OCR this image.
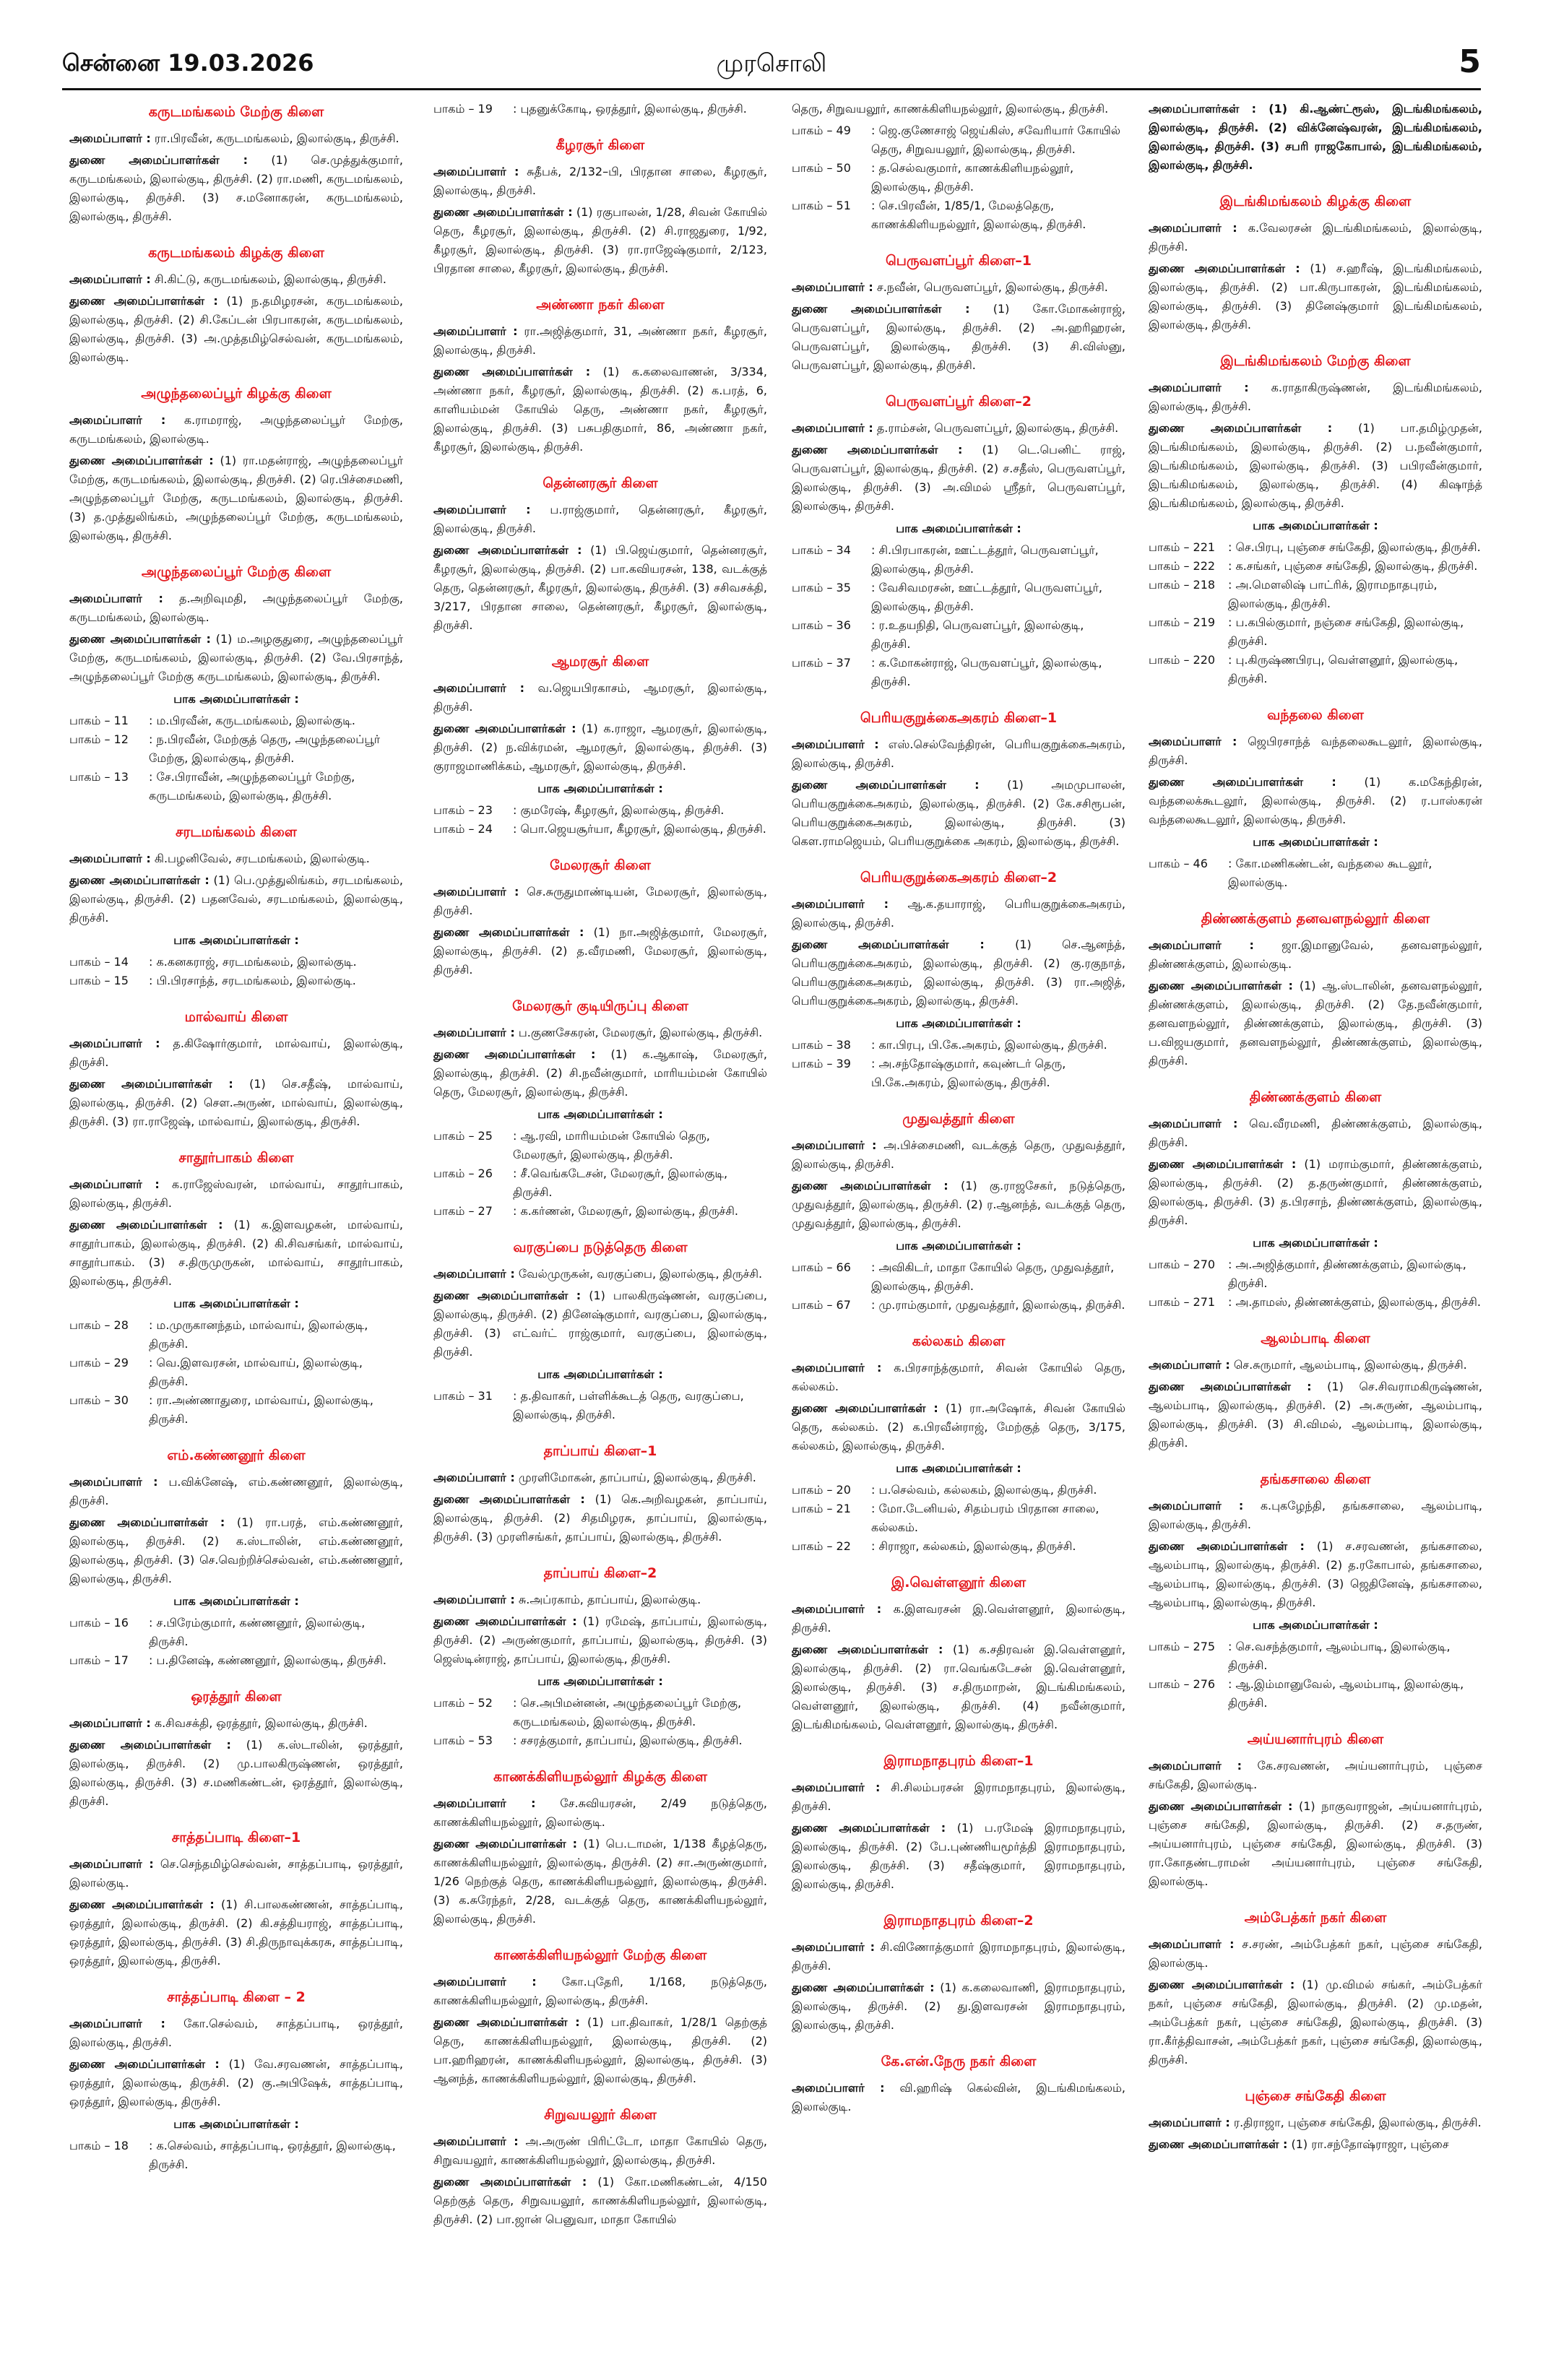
சென்னை 19.03.2026	முரசொலி	5
கருடமங்கலம் மேற்கு கிளை

அமைப்பாளர் : ரா.பிரவீன், கருடமங்கலம், இலால்குடி, திருச்சி.

துணை அமைப்பாளர்கள் : (1) செ.முத்துக்குமார், கருடமங்கலம், இலால்குடி, திருச்சி. (2) ரா.மணி, கருடமங்கலம், இலால்குடி, திருச்சி. (3) ச.மனோகரன், கருடமங்கலம், இலால்குடி, திருச்சி.

கருடமங்கலம் கிழக்கு கிளை

அமைப்பாளர் : சி.கிட்டு, கருடமங்கலம், இலால்குடி, திருச்சி.

துணை அமைப்பாளர்கள் : (1) ந.தமிழரசன், கருடமங்கலம், இலால்குடி, திருச்சி. (2) சி.கேப்டன் பிரபாகரன், கருடமங்கலம், இலால்குடி, திருச்சி. (3) அ.முத்தமிழ்செல்வன், கருடமங்கலம், இலால்குடி.

அழுந்தலைப்பூர் கிழக்கு கிளை

அமைப்பாளர் : க.ராமராஜ், அழுந்தலைப்பூர் மேற்கு, கருடமங்கலம், இலால்குடி.

துணை அமைப்பாளர்கள் : (1) ரா.மதன்ராஜ், அழுந்தலைப்பூர் மேற்கு, கருடமங்கலம், இலால்குடி, திருச்சி. (2) ரெ.பிச்சைமணி, அழுந்தலைப்பூர் மேற்கு, கருடமங்கலம், இலால்குடி, திருச்சி. (3) த.முத்துலிங்கம், அழுந்தலைப்பூர் மேற்கு, கருடமங்கலம், இலால்குடி, திருச்சி.

அழுந்தலைப்பூர் மேற்கு கிளை

அமைப்பாளர் : த.அறிவுமதி, அழுந்தலைப்பூர் மேற்கு, கருடமங்கலம், இலால்குடி.

துணை அமைப்பாளர்கள் : (1) ம.அழகுதுரை, அழுந்தலைப்பூர் மேற்கு, கருடமங்கலம், இலால்குடி, திருச்சி. (2) வே.பிரசாந்த், அழுந்தலைப்பூர் மேற்கு கருடமங்கலம், இலால்குடி, திருச்சி.

பாக அமைப்பாளர்கள் :
பாகம் – 11	: ம.பிரவீன், கருடமங்கலம், இலால்குடி.
பாகம் – 12	: ந.பிரவீன், மேற்குத் தெரு, அழுந்தலைப்பூர் மேற்கு, இலால்குடி, திருச்சி.
பாகம் – 13	: சே.பிராவீன், அழுந்தலைப்பூர் மேற்கு, கருடமங்கலம், இலால்குடி, திருச்சி.
சரடமங்கலம் கிளை

அமைப்பாளர் : கி.பழனிவேல், சரடமங்கலம், இலால்குடி.

துணை அமைப்பாளர்கள் : (1) பெ.முத்துலிங்கம், சரடமங்கலம், இலால்குடி, திருச்சி. (2) பதனவேல், சரடமங்கலம், இலால்குடி, திருச்சி.

பாக அமைப்பாளர்கள் :
பாகம் – 14	: க.கனகராஜ், சரடமங்கலம், இலால்குடி.
பாகம் – 15	: பி.பிரசாந்த், சரடமங்கலம், இலால்குடி.
மால்வாய் கிளை

அமைப்பாளர் : த.கிஷோர்குமார், மால்வாய், இலால்குடி, திருச்சி.

துணை அமைப்பாளர்கள் : (1) செ.சதீஷ், மால்வாய், இலால்குடி, திருச்சி. (2) சௌ.அருண், மால்வாய், இலால்குடி, திருச்சி. (3) ரா.ராஜேஷ், மால்வாய், இலால்குடி, திருச்சி.

சாதூர்பாகம் கிளை

அமைப்பாளர் : க.ராஜேஸ்வரன், மால்வாய், சாதூர்பாகம், இலால்குடி, திருச்சி.

துணை அமைப்பாளர்கள் : (1) க.இளவழகன், மால்வாய், சாதூர்பாகம், இலால்குடி, திருச்சி. (2) கி.சிவசங்கர், மால்வாய், சாதூர்பாகம். (3) ச.திருமுருகன், மால்வாய், சாதூர்பாகம், இலால்குடி, திருச்சி.

பாக அமைப்பாளர்கள் :
பாகம் – 28	: ம.முருகானந்தம், மால்வாய், இலால்குடி, திருச்சி.
பாகம் – 29	: வெ.இளவரசன், மால்வாய், இலால்குடி, திருச்சி.
பாகம் – 30	: ரா.அண்ணாதுரை, மால்வாய், இலால்குடி, திருச்சி.
எம்.கண்ணனூர் கிளை

அமைப்பாளர் : ப.விக்னேஷ், எம்.கண்ணனூர், இலால்குடி, திருச்சி.

துணை அமைப்பாளர்கள் : (1) ரா.பரத், எம்.கண்ணனூர், இலால்குடி, திருச்சி. (2) க.ஸ்டாலின், எம்.கண்ணனூர், இலால்குடி, திருச்சி. (3) செ.வெற்றிச்செல்வன், எம்.கண்ணனூர், இலால்குடி, திருச்சி.

பாக அமைப்பாளர்கள் :
பாகம் – 16	: ச.பிரேம்குமார், கண்ணனூர், இலால்குடி, திருச்சி.
பாகம் – 17	: ப.தினேஷ், கண்ணனூர், இலால்குடி, திருச்சி.
ஒரத்தூர் கிளை

அமைப்பாளர் : க.சிவசக்தி, ஒரத்தூர், இலால்குடி, திருச்சி.

துணை அமைப்பாளர்கள் : (1) க.ஸ்டாலின், ஒரத்தூர், இலால்குடி, திருச்சி. (2) மு.பாலகிருஷ்ணன், ஒரத்தூர், இலால்குடி, திருச்சி. (3) ச.மணிகண்டன், ஒரத்தூர், இலால்குடி, திருச்சி.

சாத்தப்பாடி கிளை–1

அமைப்பாளர் : செ.செந்தமிழ்செல்வன், சாத்தப்பாடி, ஒரத்தூர், இலால்குடி.

துணை அமைப்பாளர்கள் : (1) சி.பாலகண்ணன், சாத்தப்பாடி, ஒரத்தூர், இலால்குடி, திருச்சி. (2) கி.சத்தியராஜ், சாத்தப்பாடி, ஒரத்தூர், இலால்குடி, திருச்சி. (3) சி.திருநாவுக்கரசு, சாத்தப்பாடி, ஒரத்தூர், இலால்குடி, திருச்சி.

சாத்தப்பாடி கிளை – 2

அமைப்பாளர் : கோ.செல்வம், சாத்தப்பாடி, ஒரத்தூர், இலால்குடி, திருச்சி.

துணை அமைப்பாளர்கள் : (1) வே.சரவணன், சாத்தப்பாடி, ஒரத்தூர், இலால்குடி, திருச்சி. (2) கு.அபிஷேக், சாத்தப்பாடி, ஒரத்தூர், இலால்குடி, திருச்சி.

பாக அமைப்பாளர்கள் :
பாகம் – 18	: க.செல்வம், சாத்தப்பாடி, ஒரத்தூர், இலால்குடி, திருச்சி.
பாகம் – 19	: புதனுக்கோடி, ஒரத்தூர், இலால்குடி, திருச்சி.
கீழரசூர் கிளை

அமைப்பாளர் : சுதீபக், 2/132–பி, பிரதான சாலை, கீழரசூர், இலால்குடி, திருச்சி.

துணை அமைப்பாளர்கள் : (1) ரகுபாலன், 1/28, சிவன் கோயில் தெரு, கீழரசூர், இலால்குடி, திருச்சி. (2) சி.ராஜதுரை, 1/92, கீழரசூர், இலால்குடி, திருச்சி. (3) ரா.ராஜேஷ்குமார், 2/123, பிரதான சாலை, கீழரசூர், இலால்குடி, திருச்சி.

அண்ணா நகர் கிளை

அமைப்பாளர் : ரா.அஜித்குமார், 31, அண்ணா நகர், கீழரசூர், இலால்குடி, திருச்சி.

துணை அமைப்பாளர்கள் : (1) க.கலைவாணன், 3/334, அண்ணா நகர், கீழரசூர், இலால்குடி, திருச்சி. (2) க.பரத், 6, காளியம்மன் கோயில் தெரு, அண்ணா நகர், கீழரசூர், இலால்குடி, திருச்சி. (3) பசுபதிகுமார், 86, அண்ணா நகர், கீழரசூர், இலால்குடி, திருச்சி.

தென்னரசூர் கிளை

அமைப்பாளர் : ப.ராஜ்குமார், தென்னரசூர், கீழரசூர், இலால்குடி, திருச்சி.

துணை அமைப்பாளர்கள் : (1) பி.ஜெய்குமார், தென்னரசூர், கீழரசூர், இலால்குடி, திருச்சி. (2) பா.கவியரசன், 138, வடக்குத் தெரு, தென்னரசூர், கீழரசூர், இலால்குடி, திருச்சி. (3) சசிவசக்தி, 3/217, பிரதான சாலை, தென்னரசூர், கீழரசூர், இலால்குடி, திருச்சி.

ஆமரசூர் கிளை

அமைப்பாளர் : வ.ஜெயபிரகாசம், ஆமரசூர், இலால்குடி, திருச்சி.

துணை அமைப்பாளர்கள் : (1) க.ராஜா, ஆமரசூர், இலால்குடி, திருச்சி. (2) ந.விக்ரமன், ஆமரசூர், இலால்குடி, திருச்சி. (3) குராஜமாணிக்கம், ஆமரசூர், இலால்குடி, திருச்சி.

பாக அமைப்பாளர்கள் :
பாகம் – 23	: குமரேஷ், கீழரசூர், இலால்குடி, திருச்சி.
பாகம் – 24	: பொ.ஜெயசூர்யா, கீழரசூர், இலால்குடி, திருச்சி.
மேலரசூர் கிளை

அமைப்பாளர் : செ.சுருதுமாண்டியன், மேலரசூர், இலால்குடி, திருச்சி.

துணை அமைப்பாளர்கள் : (1) நா.அஜித்குமார், மேலரசூர், இலால்குடி, திருச்சி. (2) த.வீரமணி, மேலரசூர், இலால்குடி, திருச்சி.

மேலரசூர் குடியிருப்பு கிளை

அமைப்பாளர் : ப.குணசேகரன், மேலரசூர், இலால்குடி, திருச்சி.

துணை அமைப்பாளர்கள் : (1) க.ஆகாஷ், மேலரசூர், இலால்குடி, திருச்சி. (2) சி.நவீன்குமார், மாரியம்மன் கோயில் தெரு, மேலரசூர், இலால்குடி, திருச்சி.

பாக அமைப்பாளர்கள் :
பாகம் – 25	: ஆ.ரவி, மாரியம்மன் கோயில் தெரு, மேலரசூர், இலால்குடி, திருச்சி.
பாகம் – 26	: சீ.வெங்கடேசன், மேலரசூர், இலால்குடி, திருச்சி.
பாகம் – 27	: க.கர்ணன், மேலரசூர், இலால்குடி, திருச்சி.
வரகுப்பை நடுத்தெரு கிளை

அமைப்பாளர் : வேல்முருகன், வரகுப்பை, இலால்குடி, திருச்சி.

துணை அமைப்பாளர்கள் : (1) பாலகிருஷ்ணன், வரகுப்பை, இலால்குடி, திருச்சி. (2) தினேஷ்குமார், வரகுப்பை, இலால்குடி, திருச்சி. (3) எட்வர்ட் ராஜ்குமார், வரகுப்பை, இலால்குடி, திருச்சி.

பாக அமைப்பாளர்கள் :
பாகம் – 31	: த.திவாகர், பள்ளிக்கூடத் தெரு, வரகுப்பை, இலால்குடி, திருச்சி.
தாப்பாய் கிளை–1

அமைப்பாளர் : முரளிமோகன், தாப்பாய், இலால்குடி, திருச்சி.

துணை அமைப்பாளர்கள் : (1) கெ.அறிவழகன், தாப்பாய், இலால்குடி, திருச்சி. (2) சிதமிழரசு, தாப்பாய், இலால்குடி, திருச்சி. (3) முரளிசங்கர், தாப்பாய், இலால்குடி, திருச்சி.

தாப்பாய் கிளை–2

அமைப்பாளர் : சு.அப்ரகாம், தாப்பாய், இலால்குடி.

துணை அமைப்பாளர்கள் : (1) ரமேஷ், தாப்பாய், இலால்குடி, திருச்சி. (2) அருண்குமார், தாப்பாய், இலால்குடி, திருச்சி. (3) ஜெஸ்டின்ராஜ், தாப்பாய், இலால்குடி, திருச்சி.

பாக அமைப்பாளர்கள் :
பாகம் – 52	: செ.அபிமன்னன், அழுந்தலைப்பூர் மேற்கு, கருடமங்கலம், இலால்குடி, திருச்சி.
பாகம் – 53	: சசரத்குமார், தாப்பாய், இலால்குடி, திருச்சி.
காணக்கிளியநல்லூர் கிழக்கு கிளை

அமைப்பாளர் : சே.சுவியரசன், 2/49 நடுத்தெரு, காணக்கிளியநல்லூர், இலால்குடி.

துணை அமைப்பாளர்கள் : (1) பெ.டாமன், 1/138 கீழத்தெரு, காணக்கிளியநல்லூர், இலால்குடி, திருச்சி. (2) சா.அருண்குமார், 1/26 நெற்குத் தெரு, காணக்கிளியநல்லூர், இலால்குடி, திருச்சி. (3) க.சுரேந்தர், 2/28, வடக்குத் தெரு, காணக்கிளியநல்லூர், இலால்குடி, திருச்சி.

காணக்கிளியநல்லூர் மேற்கு கிளை

அமைப்பாளர் : கோ.புதேரி, 1/168, நடுத்தெரு, காணக்கிளியநல்லூர், இலால்குடி, திருச்சி.

துணை அமைப்பாளர்கள் : (1) பா.திவாகர், 1/28/1 தெற்குத் தெரு, காணக்கிளியநல்லூர், இலால்குடி, திருச்சி. (2) பா.ஹரிஹரன், காணக்கிளியநல்லூர், இலால்குடி, திருச்சி. (3) ஆனந்த், காணக்கிளியநல்லூர், இலால்குடி, திருச்சி.

சிறுவயலூர் கிளை

அமைப்பாளர் : அ.அருண் பிரிட்டோ, மாதா கோயில் தெரு, சிறுவயலூர், காணக்கிளியநல்லூர், இலால்குடி, திருச்சி.

துணை அமைப்பாளர்கள் : (1) கோ.மணிகண்டன், 4/150 தெற்குத் தெரு, சிறுவயலூர், காணக்கிளியநல்லூர், இலால்குடி, திருச்சி. (2) பா.ஜான் பெனுவா, மாதா கோயில்

தெரு, சிறுவயலூர், காணக்கிளியநல்லூர், இலால்குடி, திருச்சி.

பாகம் – 49	: ஜெ.குணேசாஜ் ஜெய்கிஸ், சவேரியார் கோயில் தெரு, சிறுவயலூர், இலால்குடி, திருச்சி.
பாகம் – 50	: த.செல்வகுமார், காணக்கிளியநல்லூர், இலால்குடி, திருச்சி.
பாகம் – 51	: செ.பிரவீன், 1/85/1, மேலத்தெரு, காணக்கிளியநல்லூர், இலால்குடி, திருச்சி.
பெருவளப்பூர் கிளை–1

அமைப்பாளர் : ச.நவீன், பெருவளப்பூர், இலால்குடி, திருச்சி.

துணை அமைப்பாளர்கள் : (1) கோ.மோகன்ராஜ், பெருவளப்பூர், இலால்குடி, திருச்சி. (2) அ.ஹரிஹரன், பெருவளப்பூர், இலால்குடி, திருச்சி. (3) சி.விஸ்னு, பெருவளப்பூர், இலால்குடி, திருச்சி.

பெருவளப்பூர் கிளை–2

அமைப்பாளர் : த.ராம்சன், பெருவளப்பூர், இலால்குடி, திருச்சி.

துணை அமைப்பாளர்கள் : (1) டெ.பெனிட் ராஜ், பெருவளப்பூர், இலால்குடி, திருச்சி. (2) ச.சதீஸ், பெருவளப்பூர், இலால்குடி, திருச்சி. (3) அ.விமல் ஸ்ரீதர், பெருவளப்பூர், இலால்குடி, திருச்சி.

பாக அமைப்பாளர்கள் :
பாகம் – 34	: சி.பிரபாகரன், ஊட்டத்தூர், பெருவளப்பூர், இலால்குடி, திருச்சி.
பாகம் – 35	: வேசிவமரசன், ஊட்டத்தூர், பெருவளப்பூர், இலால்குடி, திருச்சி.
பாகம் – 36	: ர.உதயநிதி, பெருவளப்பூர், இலால்குடி, திருச்சி.
பாகம் – 37	: க.மோகன்ராஜ், பெருவளப்பூர், இலால்குடி, திருச்சி.
பெரியகுறுக்கைஅகரம் கிளை–1

அமைப்பாளர் : எஸ்.செல்வேந்திரன், பெரியகுறுக்கைஅகரம், இலால்குடி, திருச்சி.

துணை அமைப்பாளர்கள் : (1) அமமுபாலன், பெரியகுறுக்கைஅகரம், இலால்குடி, திருச்சி. (2) கே.சசிரூபன், பெரியகுறுக்கைஅகரம், இலால்குடி, திருச்சி. (3) கௌ.ராமஜெயம், பெரியகுறுக்கை அகரம், இலால்குடி, திருச்சி.

பெரியகுறுக்கைஅகரம் கிளை–2

அமைப்பாளர் : ஆ.க.தயாராஜ், பெரியகுறுக்கைஅகரம், இலால்குடி, திருச்சி.

துணை அமைப்பாளர்கள் :	(1) செ.ஆனந்த், பெரியகுறுக்கைஅகரம், இலால்குடி, திருச்சி. (2) கு.ரகுநாத், பெரியகுறுக்கைஅகரம், இலால்குடி, திருச்சி. (3) ரா.அஜித், பெரியகுறுக்கைஅகரம், இலால்குடி, திருச்சி.

பாக அமைப்பாளர்கள் :
பாகம் – 38	: கா.பிரபு, பி.கே.அகரம், இலால்குடி, திருச்சி.
பாகம் – 39	: அ.சந்தோஷ்குமார், கவுண்டர் தெரு, பி.கே.அகரம், இலால்குடி, திருச்சி.
முதுவத்தூர் கிளை

அமைப்பாளர் : அ.பிச்சைமணி, வடக்குத் தெரு, முதுவத்தூர், இலால்குடி, திருச்சி.

துணை அமைப்பாளர்கள் : (1) கு.ராஜசேகர், நடுத்தெரு, முதுவத்தூர், இலால்குடி, திருச்சி. (2) ர.ஆனந்த், வடக்குத் தெரு, முதுவத்தூர், இலால்குடி, திருச்சி.

பாக அமைப்பாளர்கள் :
பாகம் – 66	: அவிகிடர், மாதா கோயில் தெரு, முதுவத்தூர், இலால்குடி, திருச்சி.
பாகம் – 67	: மு.ராம்குமார், முதுவத்தூர், இலால்குடி, திருச்சி.
கல்லகம் கிளை

அமைப்பாளர் : க.பிரசாந்த்குமார், சிவன் கோயில் தெரு, கல்லகம்.

துணை அமைப்பாளர்கள் : (1) ரா.அஷோக், சிவன் கோயில் தெரு, கல்லகம். (2) க.பிரவீன்ராஜ், மேற்குத் தெரு, 3/175, கல்லகம், இலால்குடி, திருச்சி.

பாக அமைப்பாளர்கள் :
பாகம் – 20	: ப.செல்வம், கல்லகம், இலால்குடி, திருச்சி.
பாகம் – 21	: மோ.டேனியல், சிதம்பரம் பிரதான சாலை, கல்லகம்.
பாகம் – 22	: சிராஜா, கல்லகம், இலால்குடி, திருச்சி.
இ.வெள்ளனூர் கிளை

அமைப்பாளர் : க.இளவரசன் இ.வெள்ளனூர், இலால்குடி, திருச்சி.

துணை அமைப்பாளர்கள் : (1) க.சதிரவன் இ.வெள்ளனூர், இலால்குடி, திருச்சி. (2) ரா.வெங்கடேசன் இ.வெள்ளனூர், இலால்குடி, திருச்சி. (3) ச.திருமாறன், இடங்கிமங்கலம், வெள்ளனூர், இலால்குடி, திருச்சி. (4) நவீன்குமார், இடங்கிமங்கலம், வெள்ளனூர், இலால்குடி, திருச்சி.

இராமநாதபுரம் கிளை–1

அமைப்பாளர் : சி.சிலம்பரசன் இராமநாதபுரம், இலால்குடி, திருச்சி.

துணை அமைப்பாளர்கள் : (1) ப.ரமேஷ் இராமநாதபுரம், இலால்குடி, திருச்சி. (2) பே.புண்ணியமூர்த்தி இராமநாதபுரம், இலால்குடி, திருச்சி. (3) சதீஷ்குமார், இராமநாதபுரம், இலால்குடி, திருச்சி.

இராமநாதபுரம் கிளை–2

அமைப்பாளர் : சி.விணோத்குமார் இராமநாதபுரம், இலால்குடி, திருச்சி.

துணை அமைப்பாளர்கள் : (1) க.கலைவாணி, இராமநாதபுரம், இலால்குடி, திருச்சி. (2) து.இளவரசன் இராமநாதபுரம், இலால்குடி, திருச்சி.

கே.என்.நேரு நகர் கிளை

அமைப்பாளர் : வி.ஹரிஷ் கெல்வின், இடங்கிமங்கலம், இலால்குடி.

அமைப்பாளர்கள் : (1) கி.ஆண்ட்ரூஸ், இடங்கிமங்கலம், இலால்குடி, திருச்சி. (2) விக்னேஷ்வரன், இடங்கிமங்கலம், இலால்குடி, திருச்சி. (3) சபரி ராஜகோபால், இடங்கிமங்கலம், இலால்குடி, திருச்சி.

இடங்கிமங்கலம் கிழக்கு கிளை

அமைப்பாளர் : க.வேலரசன் இடங்கிமங்கலம், இலால்குடி, திருச்சி.

துணை அமைப்பாளர்கள் : (1) ச.ஹரீஷ், இடங்கிமங்கலம், இலால்குடி, திருச்சி. (2) பா.கிருபாகரன், இடங்கிமங்கலம், இலால்குடி, திருச்சி. (3) தினேஷ்குமார் இடங்கிமங்கலம், இலால்குடி, திருச்சி.

இடங்கிமங்கலம் மேற்கு கிளை

அமைப்பாளர் : க.ராதாகிருஷ்ணன், இடங்கிமங்கலம், இலால்குடி, திருச்சி.

துணை அமைப்பாளர்கள் : (1) பா.தமிழ்முதன், இடங்கிமங்கலம், இலால்குடி, திருச்சி. (2) ப.நவீன்குமார், இடங்கிமங்கலம், இலால்குடி, திருச்சி. (3) பபிரவீன்குமார், இடங்கிமங்கலம், இலால்குடி, திருச்சி. (4) கிஷாந்த் இடங்கிமங்கலம், இலால்குடி, திருச்சி.

பாக அமைப்பாளர்கள் :
பாகம் – 221	: செ.பிரபு, புஞ்சை சங்கேதி, இலால்குடி, திருச்சி.
பாகம் – 222	: க.சங்கர், புஞ்சை சங்கேதி, இலால்குடி, திருச்சி.
பாகம் – 218	: அ.மௌலிஷ் பாட்ரிக், இராமநாதபுரம், இலால்குடி, திருச்சி.
பாகம் – 219	: ப.கபில்குமார், நஞ்சை சங்கேதி, இலால்குடி, திருச்சி.
பாகம் – 220	: பு.கிருஷ்ணபிரபு, வெள்ளனூர், இலால்குடி, திருச்சி.
வந்தலை கிளை

அமைப்பாளர் : ஜெபிரசாந்த் வந்தலைகூடலூர், இலால்குடி, திருச்சி.

துணை அமைப்பாளர்கள் : (1) க.மகேந்திரன், வந்தலைக்கூடலூர், இலால்குடி, திருச்சி. (2) ர.பாஸ்கரன் வந்தலைகூடலூர், இலால்குடி, திருச்சி.

பாக அமைப்பாளர்கள் :
பாகம் – 46	: கோ.மணிகண்டன், வந்தலை கூடலூர், இலால்குடி.
திண்ணக்குளம் தனவளநல்லூர் கிளை

அமைப்பாளர் : ஜா.இமானுவேல், தனவளநல்லூர், திண்ணக்குளம், இலால்குடி.

துணை அமைப்பாளர்கள் : (1) ஆ.ஸ்டாலின், தனவளநல்லூர், திண்ணக்குளம், இலால்குடி, திருச்சி. (2) தே.நவீன்குமார், தனவளநல்லூர், திண்ணக்குளம், இலால்குடி, திருச்சி. (3) ப.விஜயகுமார், தனவளநல்லூர், திண்ணக்குளம், இலால்குடி, திருச்சி.

திண்ணக்குளம் கிளை

அமைப்பாளர் : வெ.வீரமணி, திண்ணக்குளம், இலால்குடி, திருச்சி.

துணை அமைப்பாளர்கள் : (1) மராம்குமார், திண்ணக்குளம், இலால்குடி, திருச்சி. (2) த.தருண்குமார், திண்ணக்குளம், இலால்குடி, திருச்சி. (3) த.பிரசாந், திண்ணக்குளம், இலால்குடி, திருச்சி.

பாக அமைப்பாளர்கள் :
பாகம் – 270	: அ.அஜித்குமார், திண்ணக்குளம், இலால்குடி, திருச்சி.
பாகம் – 271	: அ.தாமஸ், திண்ணக்குளம், இலால்குடி, திருச்சி.
ஆலம்பாடி கிளை

அமைப்பாளர் : செ.சுருமார், ஆலம்பாடி, இலால்குடி, திருச்சி.

துணை அமைப்பாளர்கள் : (1) செ.சிவராமகிருஷ்ணன், ஆலம்பாடி, இலால்குடி, திருச்சி. (2) அ.சுருண், ஆலம்பாடி, இலால்குடி, திருச்சி. (3) சி.விமல், ஆலம்பாடி, இலால்குடி, திருச்சி.

தங்கசாலை கிளை

அமைப்பாளர் : க.புகழேந்தி, தங்கசாலை, ஆலம்பாடி, இலால்குடி, திருச்சி.

துணை அமைப்பாளர்கள் : (1) ச.சரவணன், தங்கசாலை, ஆலம்பாடி, இலால்குடி, திருச்சி. (2) த.ரகோபால், தங்கசாலை, ஆலம்பாடி, இலால்குடி, திருச்சி. (3) ஜெதினேஷ், தங்கசாலை, ஆலம்பாடி, இலால்குடி, திருச்சி.

பாக அமைப்பாளர்கள் :
பாகம் – 275	: செ.வசந்த்குமார், ஆலம்பாடி, இலால்குடி, திருச்சி.
பாகம் – 276	: ஆ.இம்மானுவேல், ஆலம்பாடி, இலால்குடி, திருச்சி.
அய்யனார்புரம் கிளை

அமைப்பாளர் : கே.சரவணன், அய்யனார்புரம், புஞ்சை சங்கேதி, இலால்குடி.

துணை அமைப்பாளர்கள் : (1) நாகுவராஜன், அய்யனார்புரம், புஞ்சை சங்கேதி, இலால்குடி, திருச்சி. (2) ச.தருண், அய்யனார்புரம், புஞ்சை சங்கேதி, இலால்குடி, திருச்சி. (3) ரா.கோதண்டராமன் அய்யனார்புரம், புஞ்சை சங்கேதி, இலால்குடி.

அம்பேத்கர் நகர் கிளை

அமைப்பாளர் : ச.சரண், அம்பேத்கர் நகர், புஞ்சை சங்கேதி, இலால்குடி.

துணை அமைப்பாளர்கள் : (1) மு.விமல் சங்கர், அம்பேத்கர் நகர், புஞ்சை சங்கேதி, இலால்குடி, திருச்சி. (2) மு.மதன், அம்பேத்கர் நகர், புஞ்சை சங்கேதி, இலால்குடி, திருச்சி. (3) ரா.கீர்த்திவாசன், அம்பேத்கர் நகர், புஞ்சை சங்கேதி, இலால்குடி, திருச்சி.

புஞ்சை சங்கேதி கிளை

அமைப்பாளர் : ர.திராஜா, புஞ்சை சங்கேதி, இலால்குடி, திருச்சி.

துணை அமைப்பாளர்கள் : (1) ரா.சந்தோஷ்ராஜா, புஞ்சை
